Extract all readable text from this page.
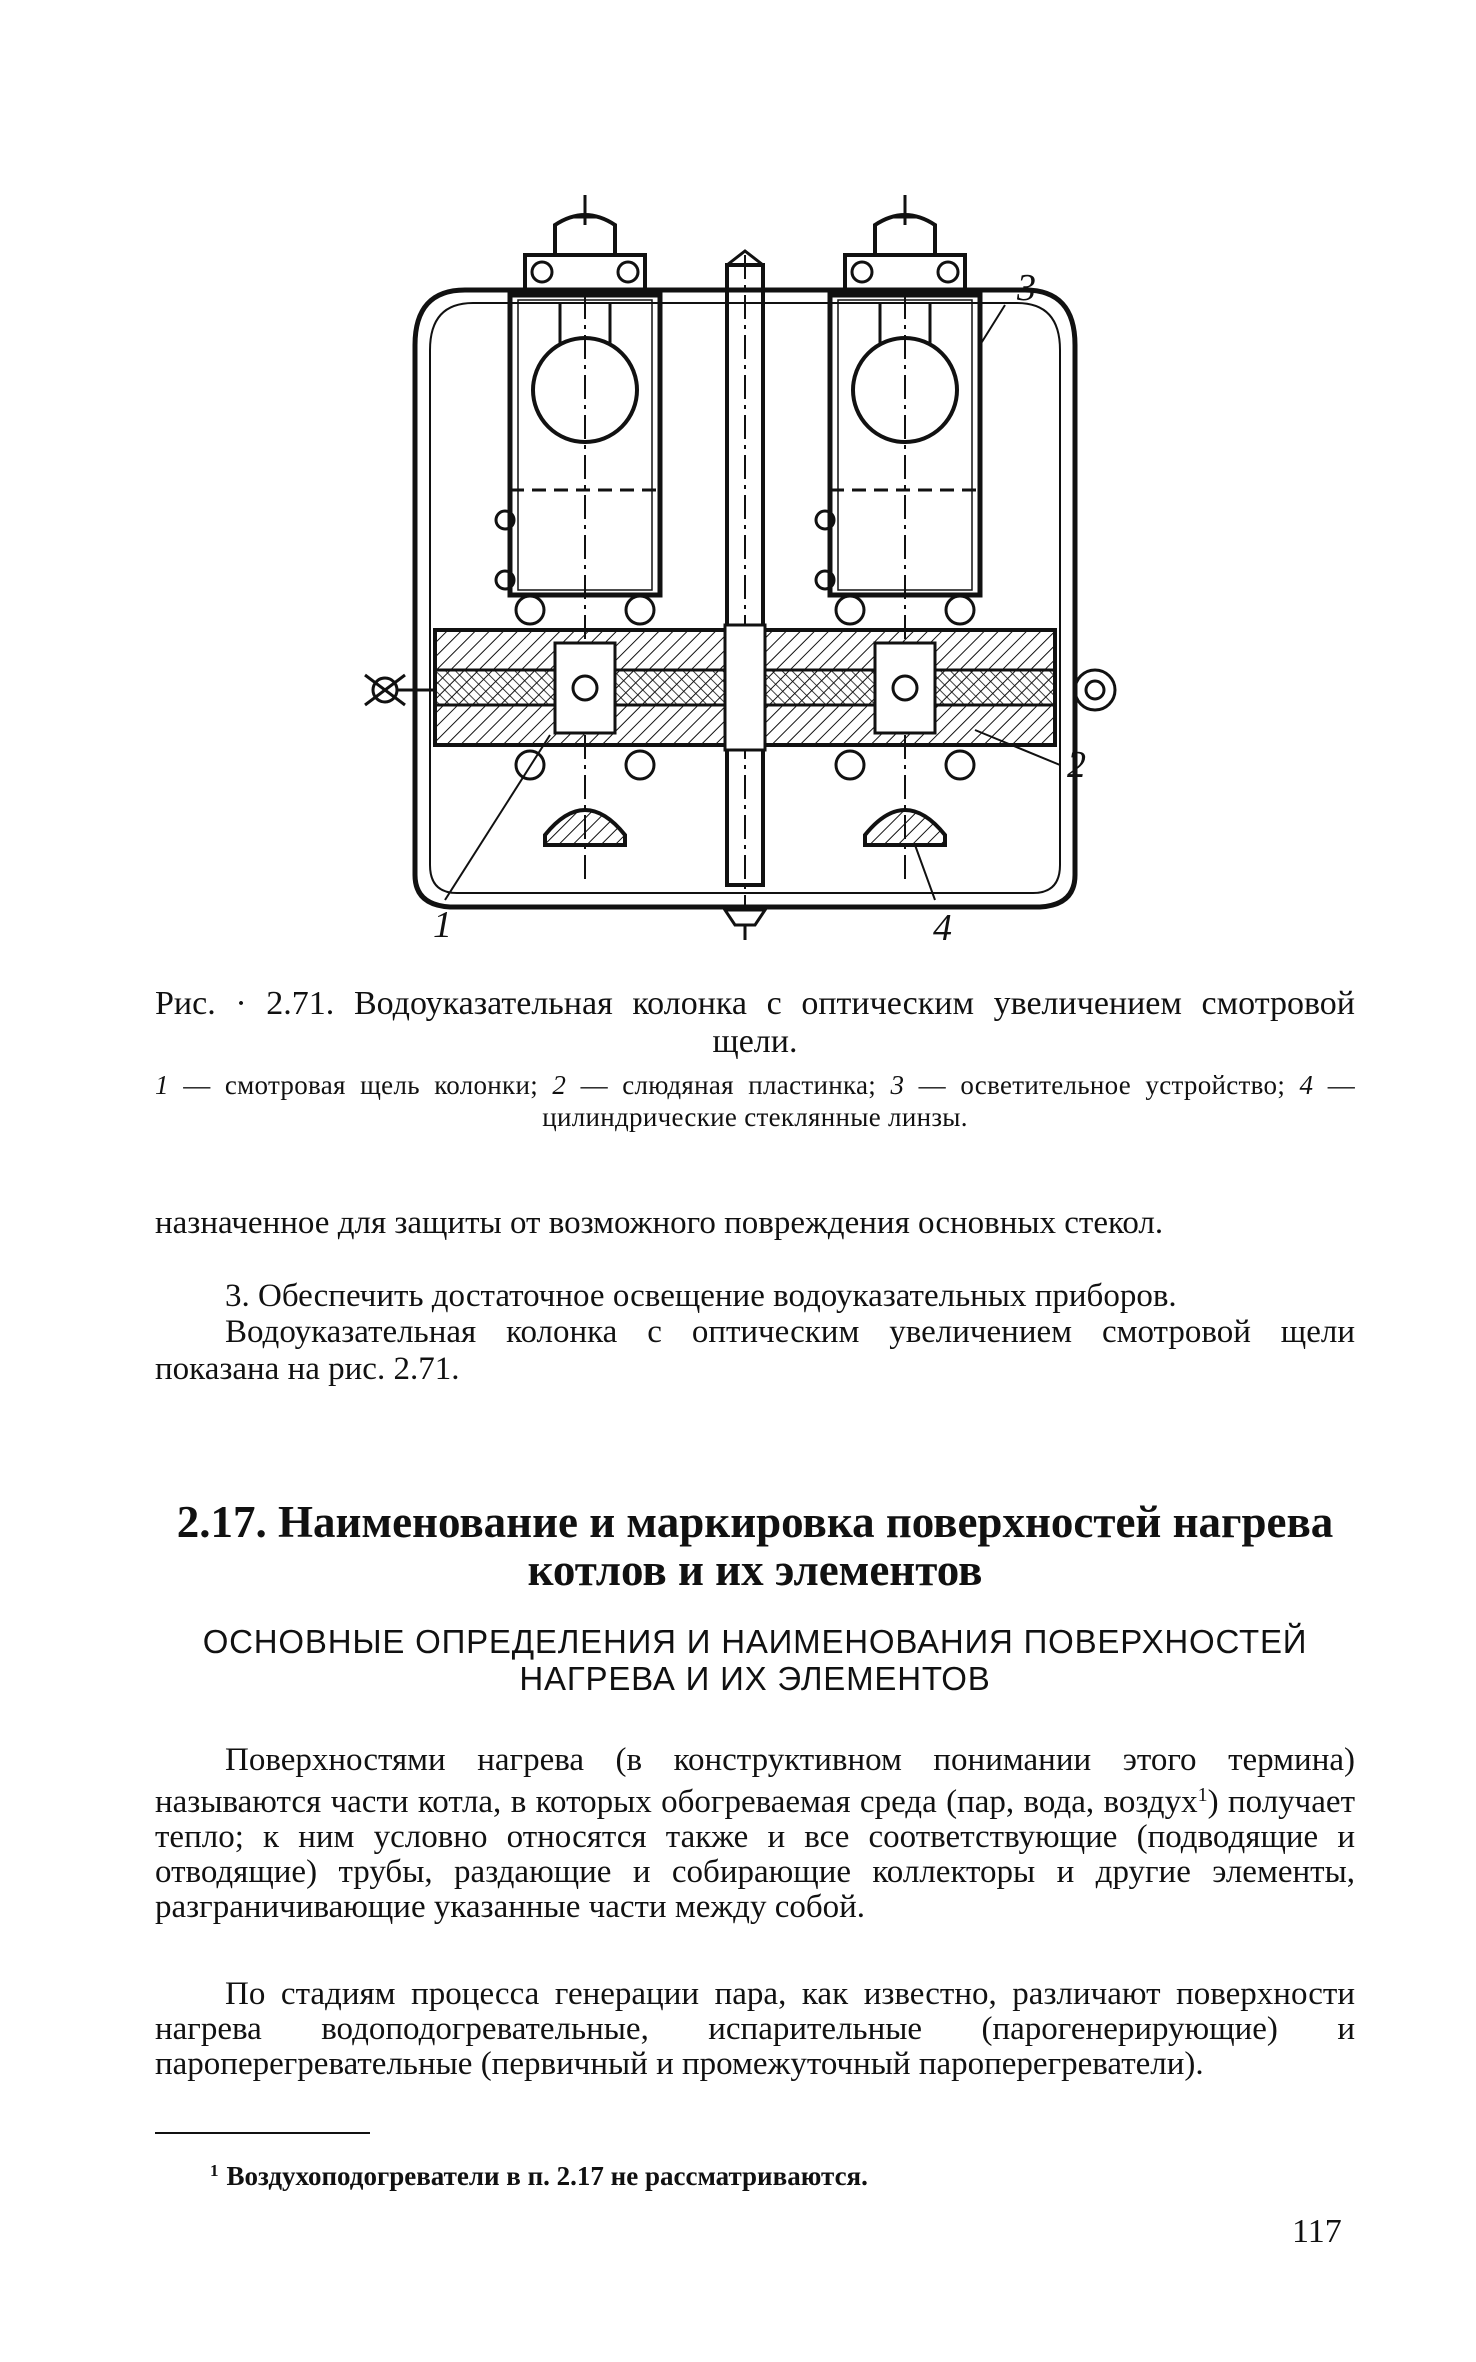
1
2
3
4
Рис. · 2.71. Водоуказательная колонка с оптическим увеличением смотровой щели.
1 — смотровая щель колонки; 2 — слюдяная пластинка; 3 — осветительное устройство; 4 — цилиндрические стеклянные линзы.
назначенное для защиты от возможного повреждения основных стекол.
3. Обеспечить достаточное освещение водоуказательных приборов.
Водоуказательная колонка с оптическим увеличением смотровой щели показана на рис. 2.71.
2.17. Наименование и маркировка поверхностей нагрева котлов и их элементов
ОСНОВНЫЕ ОПРЕДЕЛЕНИЯ И НАИМЕНОВАНИЯ ПОВЕРХНОСТЕЙ НАГРЕВА И ИХ ЭЛЕМЕНТОВ
Поверхностями нагрева (в конструктивном понимании этого термина) называются части котла, в которых обогреваемая среда (пар, вода, воздух$^1$) получает тепло; к ним условно относятся также и все соответствующие (подводящие и отводящие) трубы, раздающие и собирающие коллекторы и другие элементы, разграничивающие указанные части между собой.
По стадиям процесса генерации пара, как известно, различают поверхности нагрева водоподогревательные, испарительные (парогенерирующие) и пароперегревательные (первичный и промежуточный пароперегреватели).
$^1$ Воздухоподогреватели в п. 2.17 не рассматриваются.
117
